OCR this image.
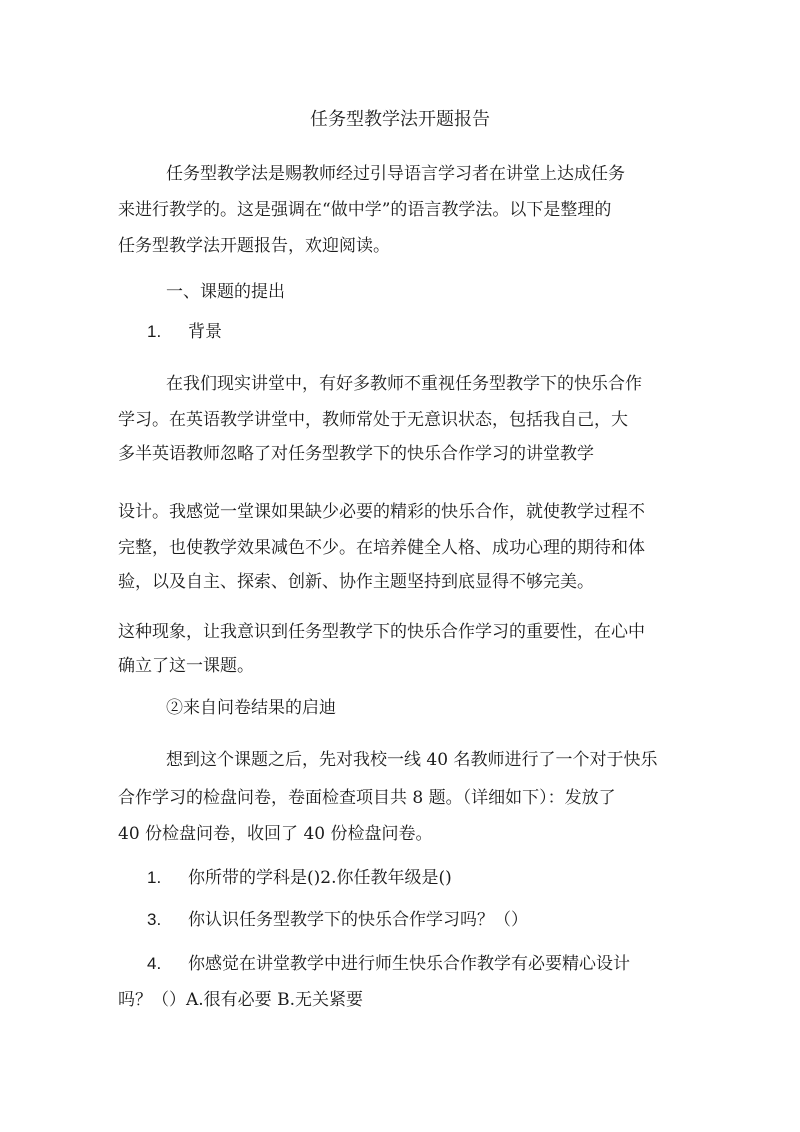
任务型教学法开题报告
任务型教学法是赐教师经过引导语言学习者在讲堂上达成任务
来进行教学的。这是强调在“做中学”的语言教学法。以下是整理的
任务型教学法开题报告，欢迎阅读。
一、课题的提出
1. 背景
在我们现实讲堂中，有好多教师不重视任务型教学下的快乐合作
学习。在英语教学讲堂中，教师常处于无意识状态，包括我自己，大
多半英语教师忽略了对任务型教学下的快乐合作学习的讲堂教学
设计。我感觉一堂课如果缺少必要的精彩的快乐合作，就使教学过程不
完整，也使教学效果减色不少。在培养健全人格、成功心理的期待和体
验，以及自主、探索、创新、协作主题坚持到底显得不够完美。
这种现象，让我意识到任务型教学下的快乐合作学习的重要性，在心中
确立了这一课题。
②来自问卷结果的启迪
想到这个课题之后，先对我校一线 40 名教师进行了一个对于快乐
合作学习的检盘问卷，卷面检查项目共 8 题。（详细如下）：发放了
40 份检盘问卷，收回了 40 份检盘问卷。
1. 你所带的学科是()2.你任教年级是()
3. 你认识任务型教学下的快乐合作学习吗？（）
4. 你感觉在讲堂教学中进行师生快乐合作教学有必要精心设计
吗？（）A.很有必要 B.无关紧要
